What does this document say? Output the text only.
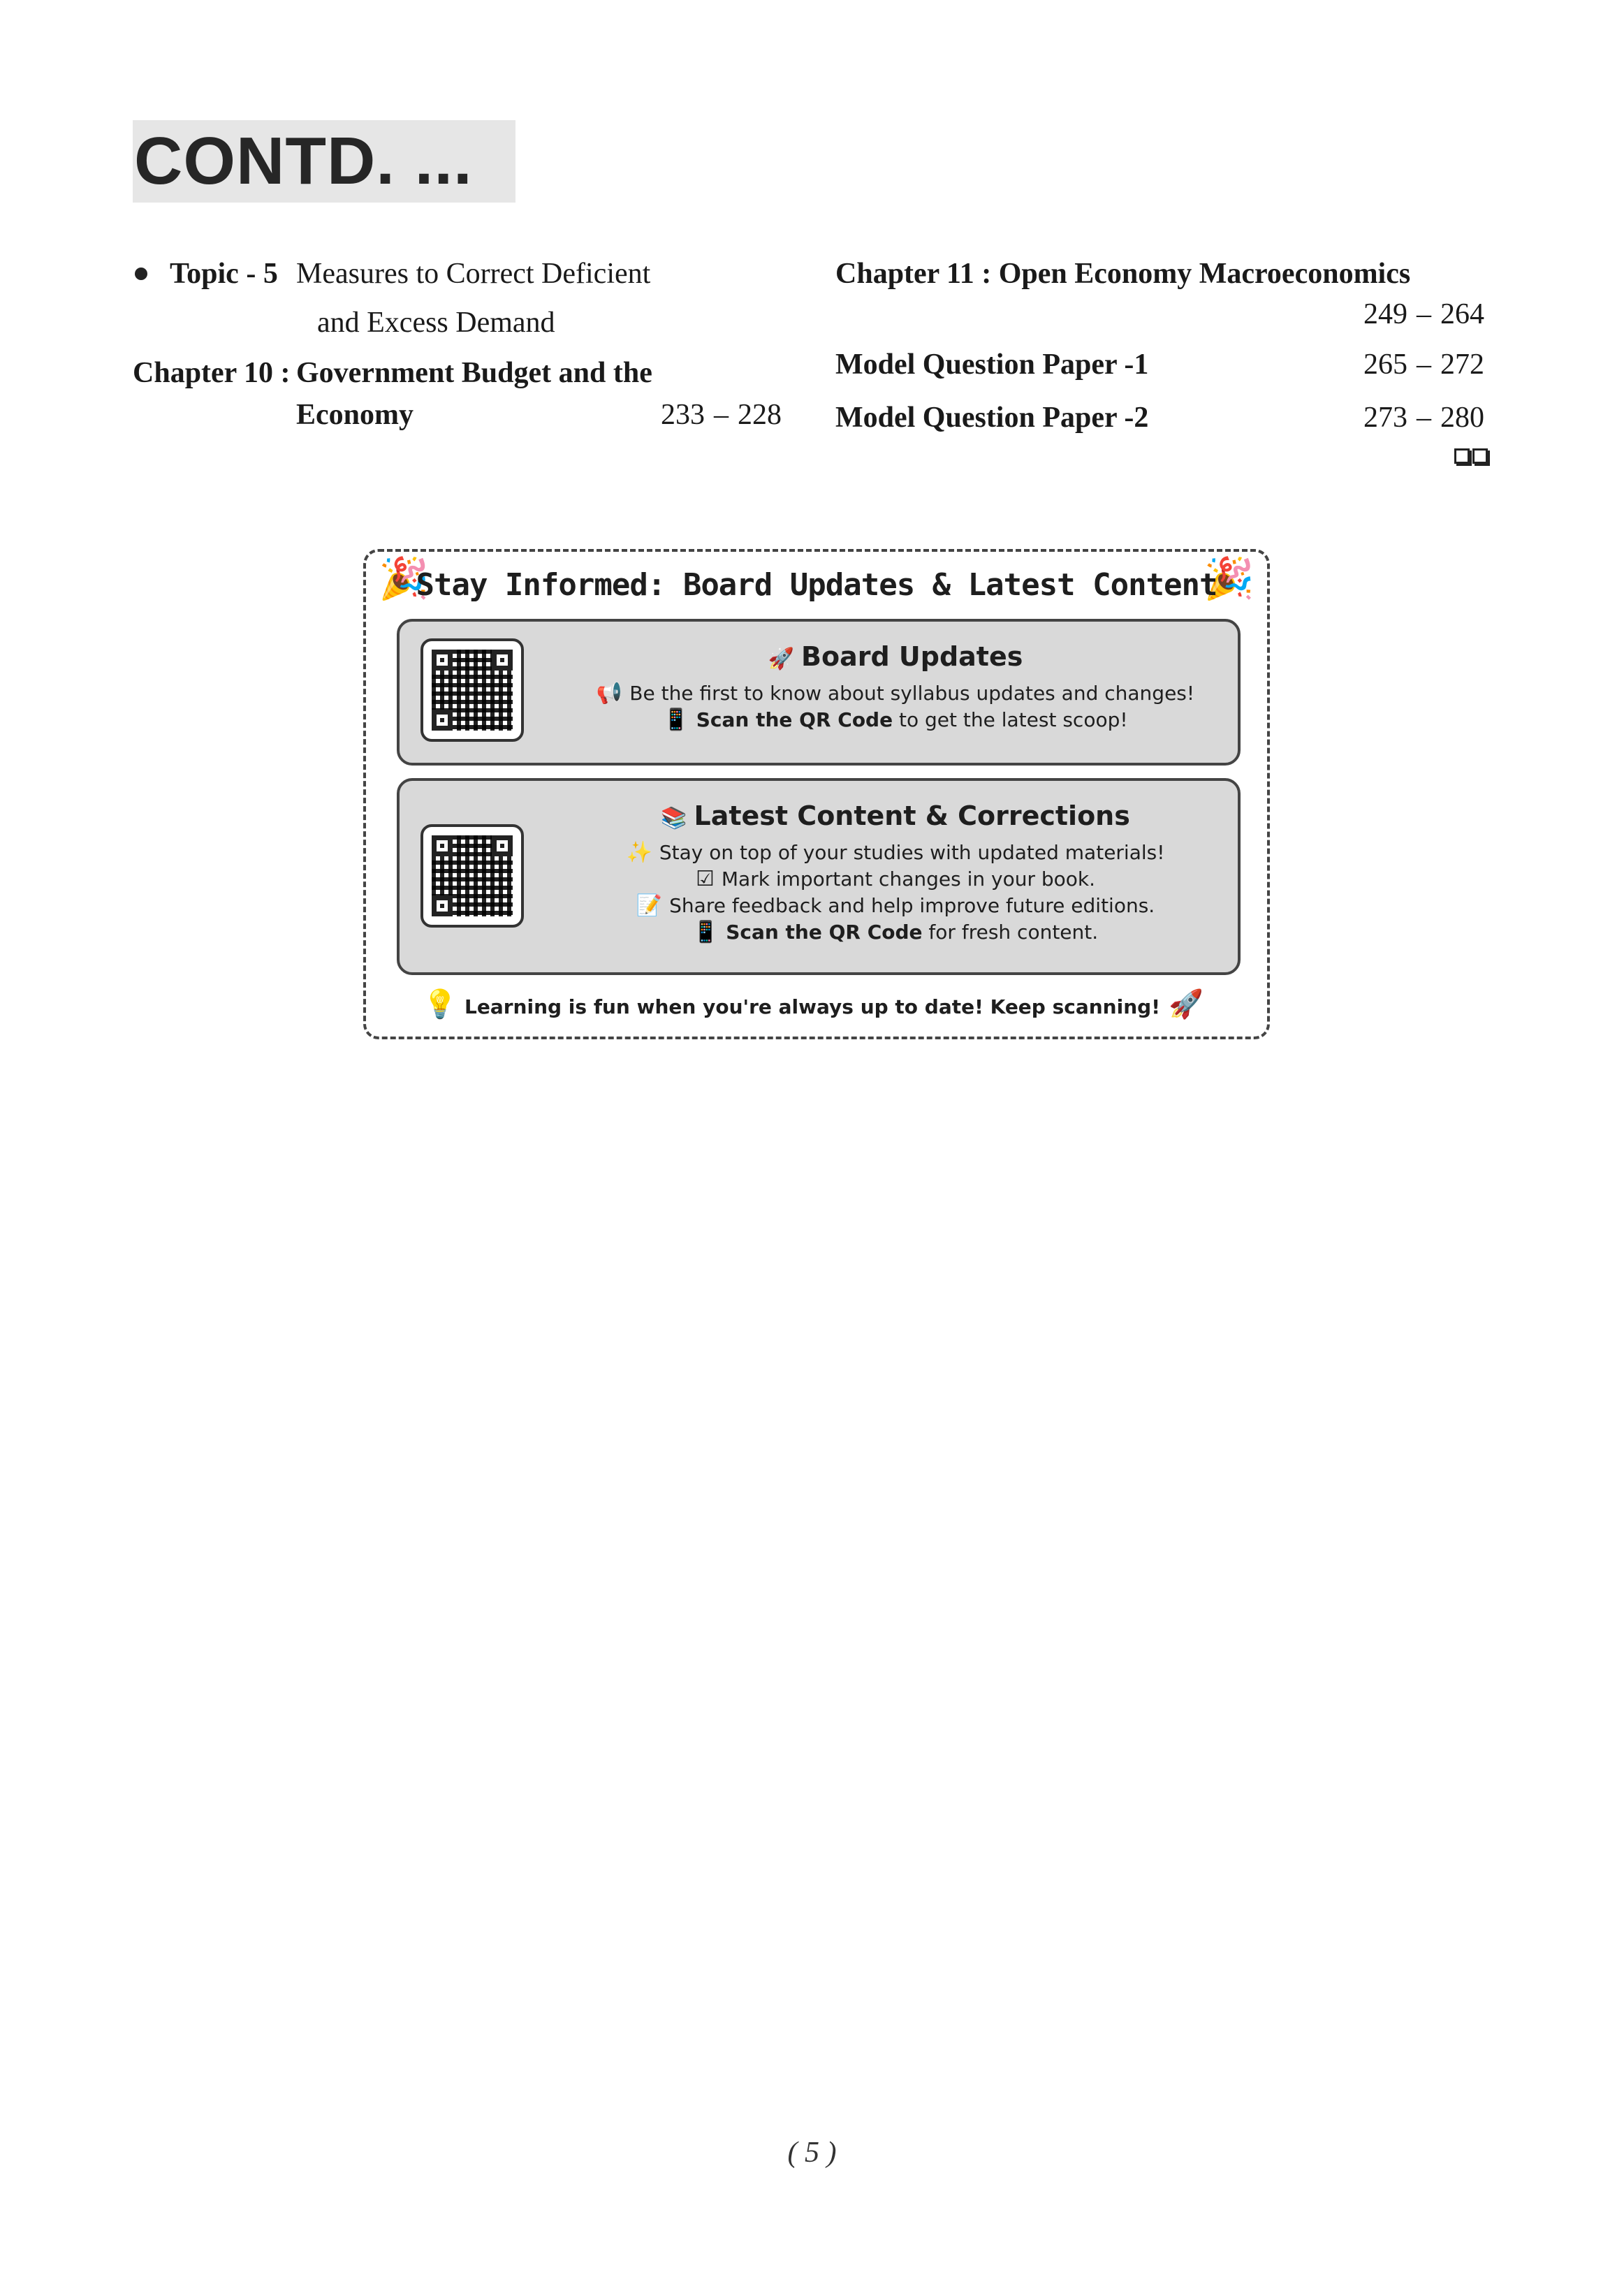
CONTD. ...
Topic - 5 Measures to Correct Deficient
and Excess Demand
Chapter 10 : Government Budget and the
Economy	233 – 228
Chapter 11 : Open Economy Macroeconomics
249 – 264
Model Question Paper -1	265 – 272
Model Question Paper -2	273 – 280
🎉	🎉
Stay Informed: Board Updates & Latest Content
🚀 Board Updates
📢 Be the first to know about syllabus updates and changes!
📱 Scan the QR Code to get the latest scoop!
📚 Latest Content & Corrections
✨ Stay on top of your studies with updated materials!
☑ Mark important changes in your book.
📝 Share feedback and help improve future editions.
📱 Scan the QR Code for fresh content.
💡 Learning is fun when you're always up to date! Keep scanning! 🚀
( 5 )
